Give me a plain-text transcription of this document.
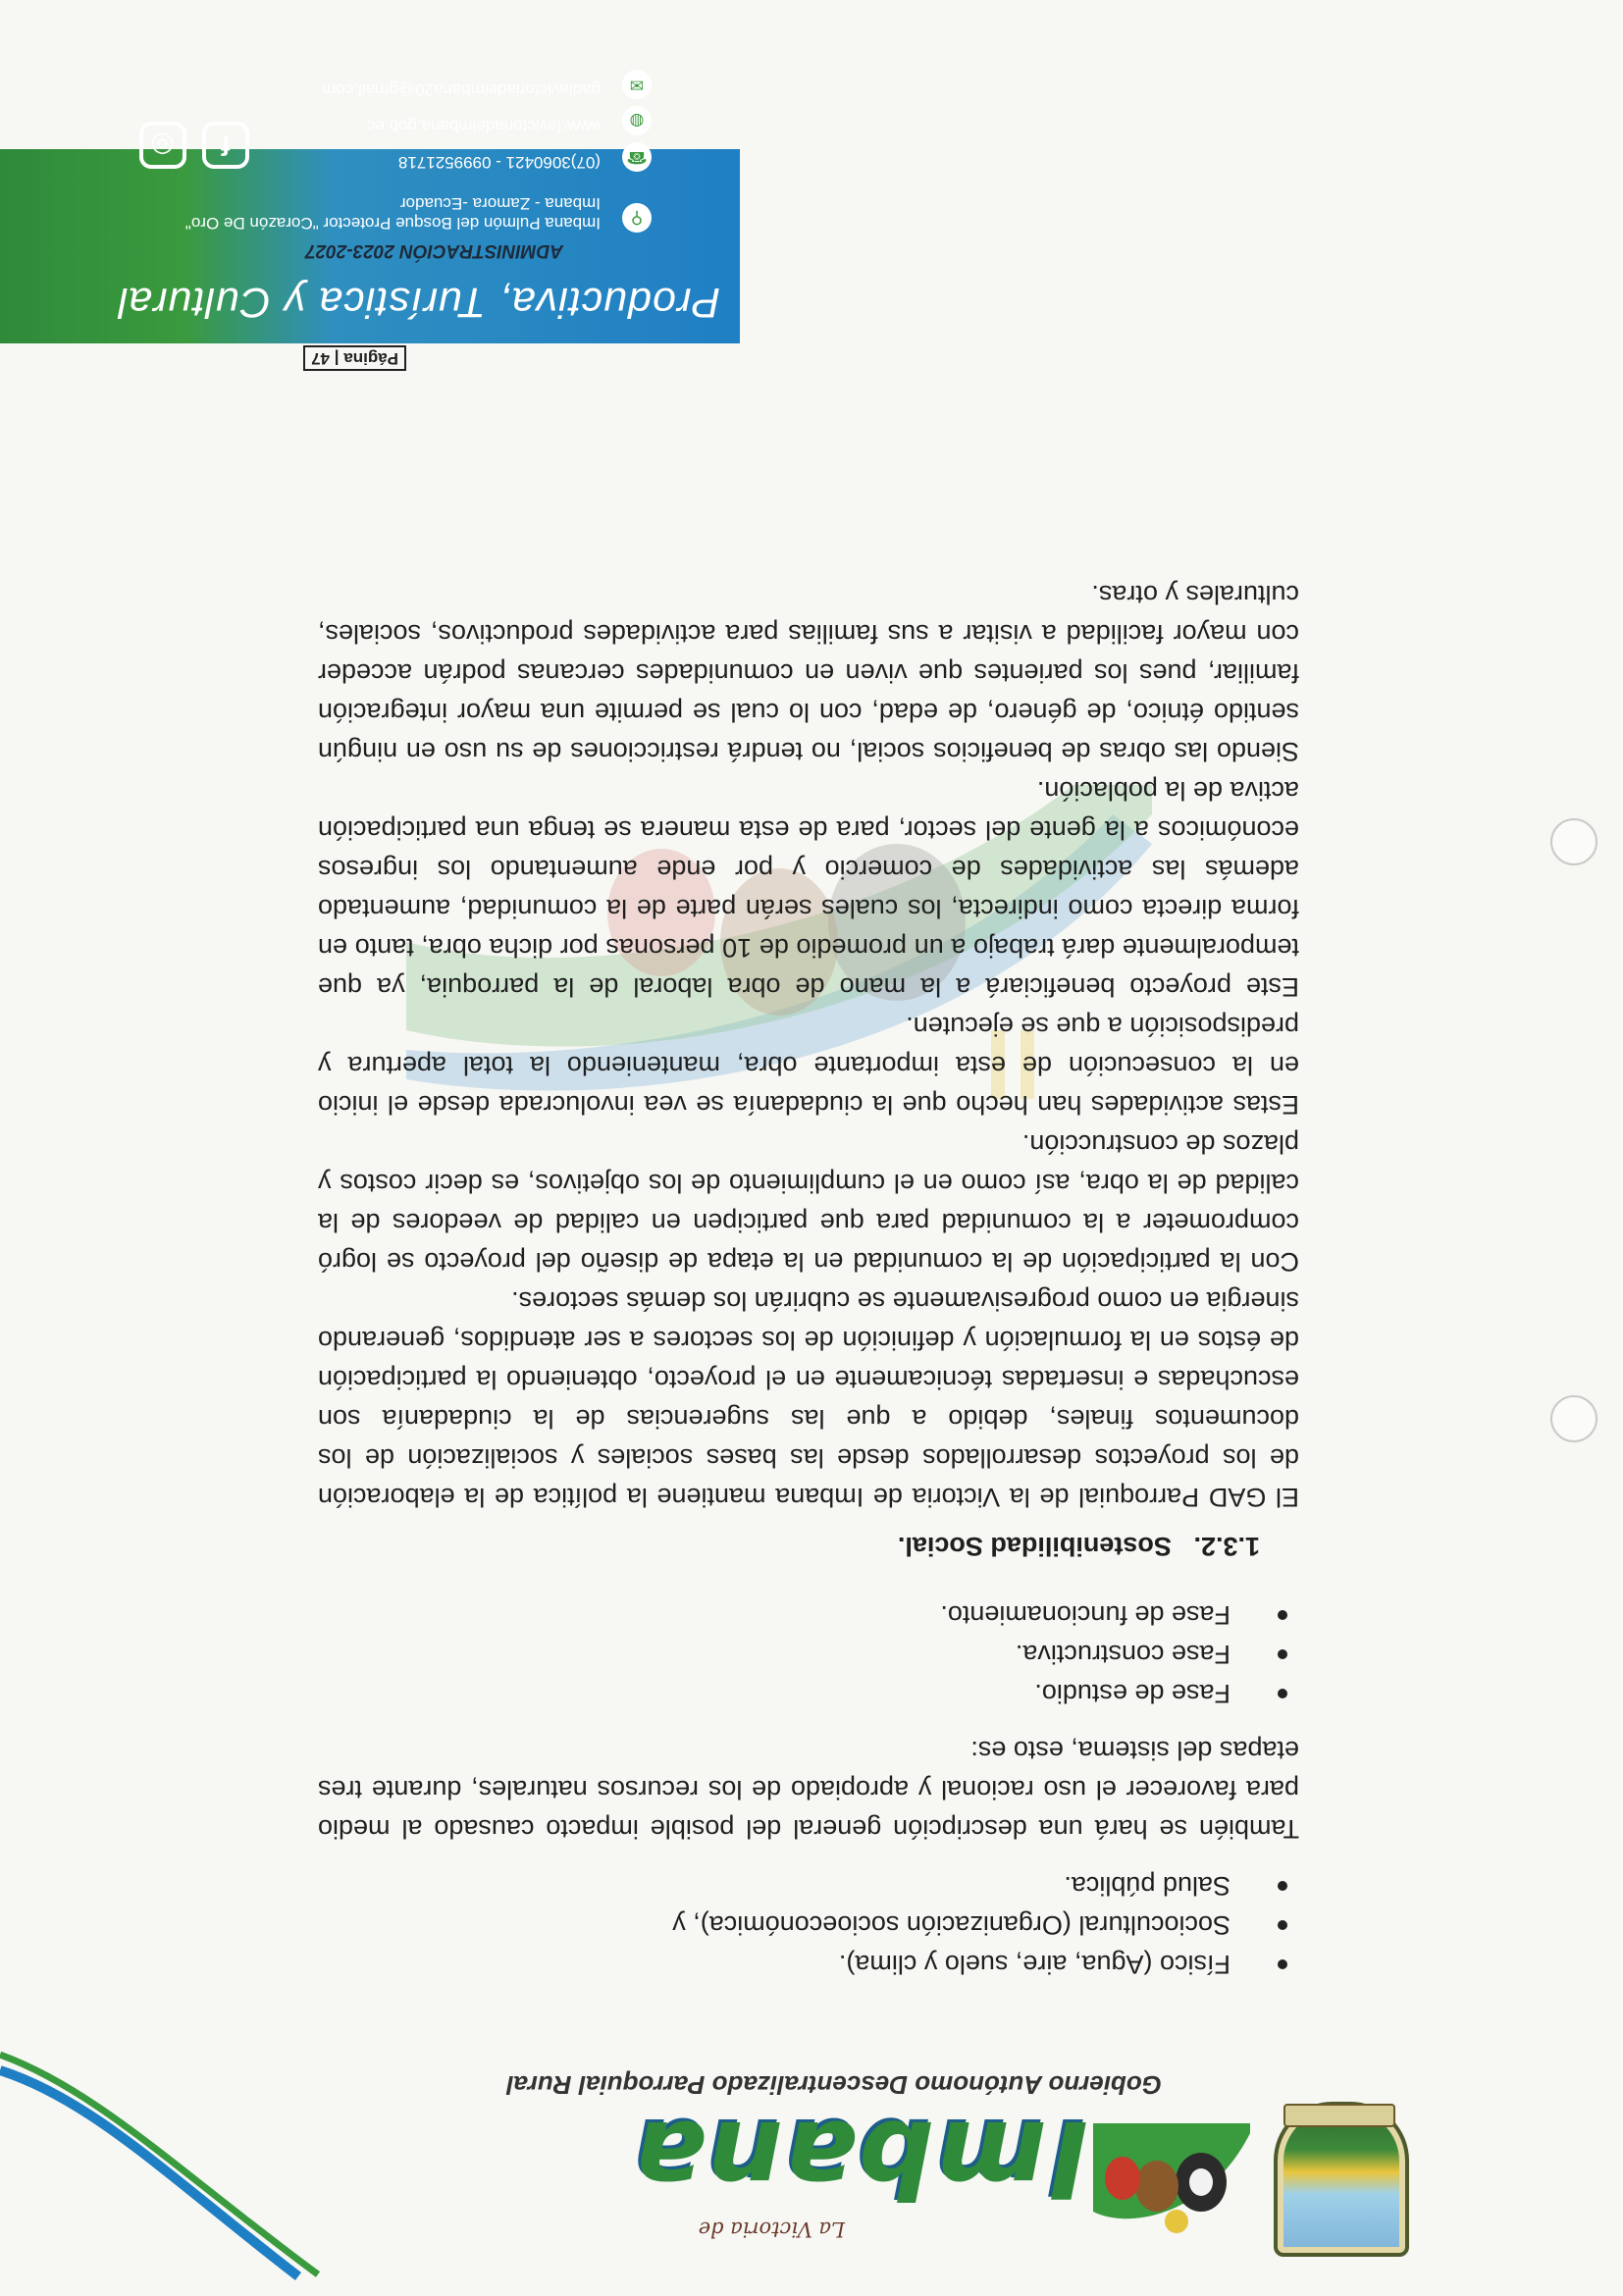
La Victoria de
Imbana
Gobierno Autónomo Descentralizado Parroquial Rural
Físico (Agua, aire, suelo y clima).
Sociocultural (Organización socioeconómica), y
Salud pública.

También se hará una descripción general del posible impacto causado al medio para favorecer el uso racional y apropiado de los recursos naturales, durante tres etapas del sistema, esto es:

Fase de estudio.
Fase constructiva.
Fase de funcionamiento.
1.3.2.   Sostenibilidad Social.

El GAD Parroquial de la Victoria de Imbana mantiene la política de la elaboración de los proyectos desarrollados desde las bases sociales y socialización de los documentos finales, debido a que las sugerencias de la ciudadanía son escuchadas e insertadas técnicamente en el proyecto, obteniendo la participación de éstos en la formulación y definición de los sectores a ser atendidos, generando sinergia en como progresivamente se cubrirán los demás sectores.

Con la participación de la comunidad en la etapa de diseño del proyecto se logró comprometer a la comunidad para que participen en calidad de veedores de la calidad de la obra, así como en el cumplimiento de los objetivos, es decir costos y plazos de construcción.

Estas actividades han hecho que la ciudadanía se vea involucrada desde el inicio en la consecución de esta importante obra, manteniendo la total apertura y predisposición a que se ejecuten.

Este proyecto beneficiará a la mano de obra laboral de la parroquia, ya que temporalmente dará trabajo a un promedio de 10 personas por dicha obra, tanto en forma directa como indirecta, los cuales serán parte de la comunidad, aumentado además las actividades de comercio y por ende aumentando los ingresos económicos a la gente del sector, para de esta manera se tenga una participación activa de la población.

Siendo las obras de beneficios social, no tendrá restricciones de su uso en ningún sentido étnico, de género, de edad, con lo cual se permite una mayor integración familiar, pues los parientes que viven en comunidades cercanas podrán acceder con mayor facilidad a visitar a sus familias para actividades productivos, sociales, culturales y otras.

Página | 47
Productiva, Turística y Cultural
ADMINISTRACIÓN 2023-2027
⚲
Imbana Pulmón del Bosque Protector "Corazón De Oro"
Imbana - Zamora -Ecuador
☎
(07)3060421 - 0999521718
◍
www.lavictoriadeimbana.gob.ec
✉
gadlavictoriadeimbana20@gmail.com
f ◎
